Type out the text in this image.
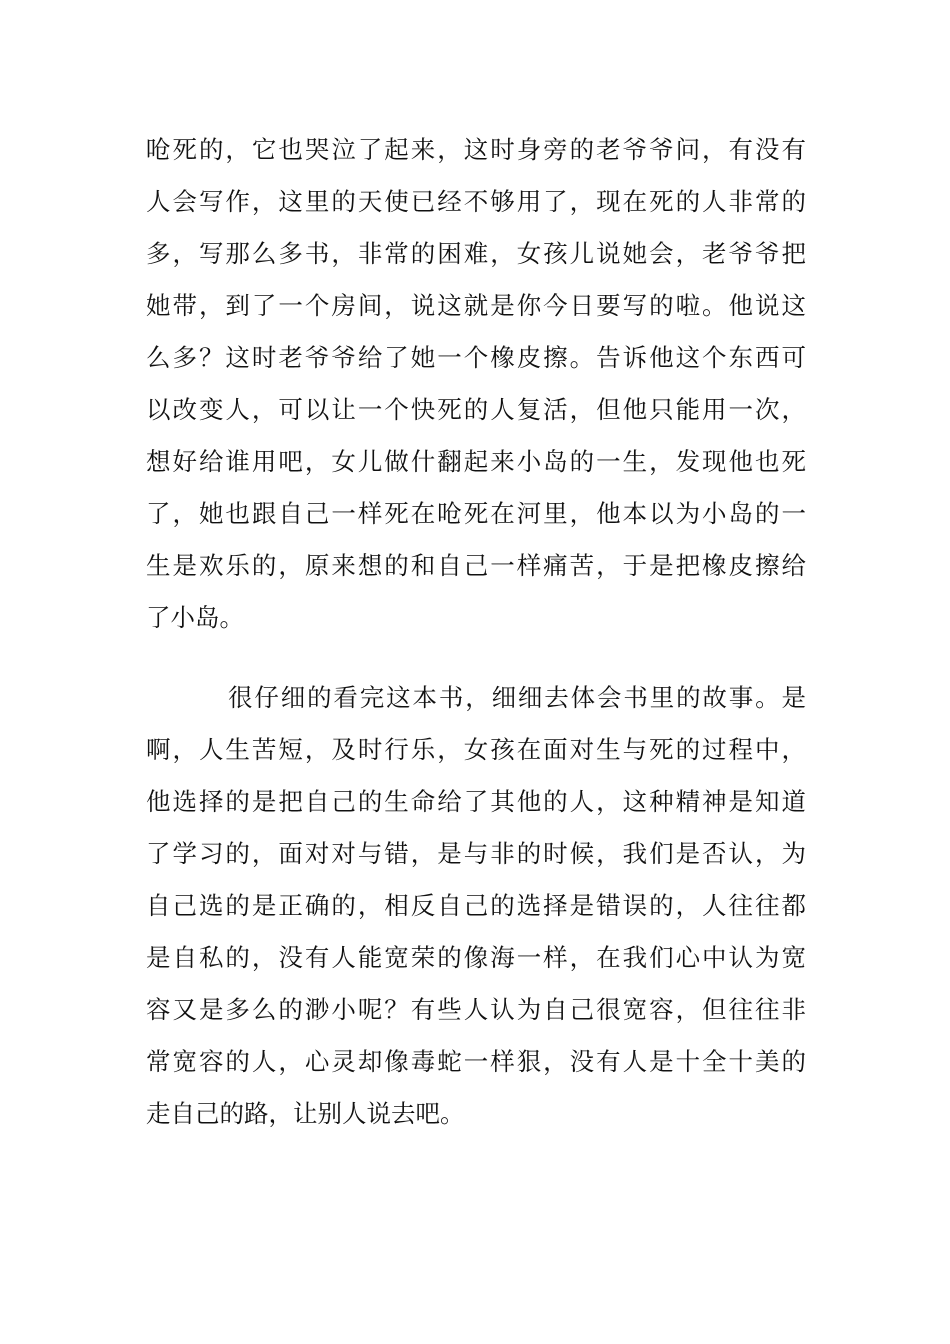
呛死的，它也哭泣了起来，这时身旁的老爷爷问，有没有
人会写作，这里的天使已经不够用了，现在死的人非常的
多，写那么多书，非常的困难，女孩儿说她会，老爷爷把
她带，到了一个房间，说这就是你今日要写的啦。他说这
么多？这时老爷爷给了她一个橡皮擦。告诉他这个东西可
以改变人，可以让一个快死的人复活，但他只能用一次，
想好给谁用吧，女儿做什翻起来小岛的一生，发现他也死
了，她也跟自己一样死在呛死在河里，他本以为小岛的一
生是欢乐的，原来想的和自己一样痛苦，于是把橡皮擦给
了小岛。
很仔细的看完这本书，细细去体会书里的故事。是
啊，人生苦短，及时行乐，女孩在面对生与死的过程中，
他选择的是把自己的生命给了其他的人，这种精神是知道
了学习的，面对对与错，是与非的时候，我们是否认，为
自己选的是正确的，相反自己的选择是错误的，人往往都
是自私的，没有人能宽荣的像海一样，在我们心中认为宽
容又是多么的渺小呢？有些人认为自己很宽容，但往往非
常宽容的人，心灵却像毒蛇一样狠，没有人是十全十美的
走自己的路，让别人说去吧。
